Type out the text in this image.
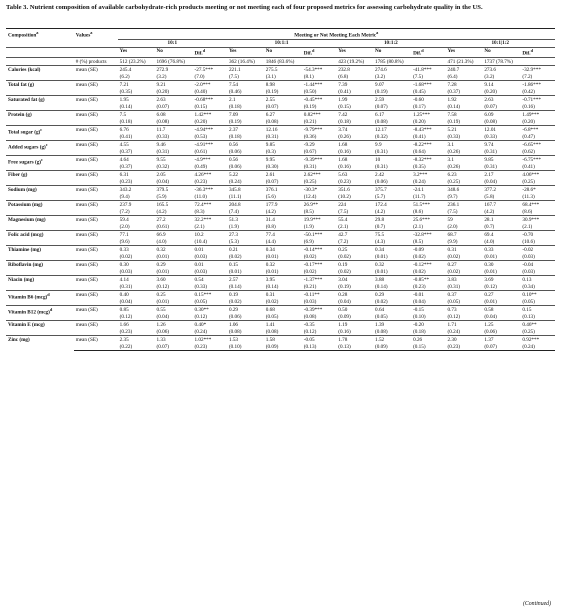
Table 3. Nutrient composition of available carbohydrate-rich products meeting or not meeting each of four proposed metrics for assessing carbohydrate quality in the US.
Composition$^a$	Values$^a$	Meeting or Not Meeting Each Metric$^a$
		10:1			10:1:1			10:1:2			10:1|1:2		
		Yes	No	Dif.$^d$	Yes	No	Dif.$^d$	Yes	No	Dif.$^d$	Yes	No	Dif.$^d$
	# (%) products	512 (23.2%)	1696 (76.8%)		362 (16.4%)	1846 (83.6%)		423 (19.2%)	1785 (80.8%)		471 (21.3%)	1737 (78.7%)	
Calories (kcal)	mean (SE)	245.4	272.9	-27.5***	221.1	275.5	-54.3***	232.8	274.6	-41.8***	240.7	273.6	-32.9***
		(6.2)	(3.2)	(7.0)	(7.5)	(3.1)	(8.1)	(6.8)	(3.2)	(7.5)	(6.4)	(3.2)	(7.2)
Total fat (g)	mean (SE)	7.21	9.21	-2.0***	7.54	8.98	-1.44***	7.39	9.07	-1.68***	7.28	9.14	-1.86***
		(0.35)	(0.20)	(0.40)	(0.46)	(0.19)	(0.50)	(0.41)	(0.19)	(0.45)	(0.37)	(0.20)	(0.42)
Saturated fat (g)	mean (SE)	1.95	2.63	-0.68***	2.1	2.55	-0.45***	1.99	2.59	-0.60	1.92	2.63	-0.71***
		(0.14)	(0.07)	(0.15)	(0.18)	(0.07)	(0.19)	(0.15)	(0.07)	(0.17)	(0.14)	(0.07)	(0.16)
Protein (g)	mean (SE)	7.5	6.08	1.42***	7.09	6.27	0.82***	7.42	6.17	1.25***	7.58	6.09	1.49***
		(0.18)	(0.08)	(0.20)	(0.19)	(0.08)	(0.21)	(0.18)	(0.08)	(0.20)	(0.19)	(0.08)	(0.20)
Total sugar $(g)^c$	mean (SE)	6.76	11.7	-4.94***	2.37	12.16	-9.79***	3.74	12.17	-8.43***	5.21	12.01	-6.8***
		(0.41)	(0.33)	(0.53)	(0.18)	(0.31)	(0.36)	(0.26)	(0.32)	(0.41)	(0.33)	(0.33)	(0.47)
Added sugars $(g)^c$	mean (SE)	4.55	9.46	-4.91***	0.56	9.85	-9.29	1.68	9.9	-8.22***	3.1	9.74	-6.65***
		(0.37)	(0.31)	(0.61)	(0.06)	(0.3)	(0.67)	(0.16)	(0.31)	(0.64)	(0.26)	(0.31)	(0.62)
Free sugars $(g)^c$	mean (SE)	4.64	9.55	-4.9***	0.56	9.95	-9.39***	1.68	10	-8.32***	3.1	9.85	-6.75***
		(0.37)	(0.32)	(0.49)	(0.06)	(0.30)	(0.31)	(0.16)	(0.31)	(0.35)	(0.26)	(0.31)	(0.41)
Fiber (g)	mean (SE)	6.31	2.05	4.26***	5.22	2.61	2.62***	5.63	2.42	3.2***	6.23	2.17	4.06***
		(0.23)	(0.04)	(0.23)	(0.24)	(0.07)	(0.25)	(0.23)	(0.06)	(0.24)	(0.25)	(0.04)	(0.25)
Sodium (mg)	mean (SE)	343.2	379.5	-36.3***	345.8	376.1	-30.3*	351.6	375.7	-24.1	348.6	377.2	-28.6*
		(9.4)	(5.9)	(11.0)	(11.1)	(5.6)	(12.4)	(10.2)	(5.7)	(11.7)	(9.7)	(5.8)	(11.3)
Potassium (mg)	mean (SE)	237.9	165.5	72.4***	204.8	177.9	26.9**	224	172.4	51.5***	236.1	167.7	68.4***
		(7.2)	(4.2)	(8.3)	(7.4)	(4.2)	(8.5)	(7.5)	(4.2)	(8.6)	(7.5)	(4.2)	(8.6)
Magnesium (mg)	mean (SE)	59.4	27.2	32.2***	51.3	31.4	19.9***	55.4	29.8	25.6***	59	28.1	30.9***
		(2.0)	(0.61)	(2.1)	(1.9)	(0.8)	(1.9)	(2.1)	(0.7)	(2.1)	(2.0)	(0.7)	(2.1)
Folic acid (mcg)	mean (SE)	77.1	66.9	10.2	27.3	77.4	-50.1***	42.7	75.5	-32.8***	68.7	69.4	-0.70
		(9.6)	(4.0)	(10.4)	(5.3)	(4.4)	(6.9)	(7.2)	(4.3)	(8.5)	(9.9)	(4.0)	(10.6)
Thiamine (mg)	mean (SE)	0.33	0.32	0.01	0.21	0.34	-0.14***	0.25	0.34	-0.09	0.31	0.33	-0.02
		(0.02)	(0.01)	(0.03)	(0.02)	(0.01)	(0.02)	(0.02)	(0.01)	(0.02)	(0.02)	(0.01)	(0.03)
Riboflavin (mg)	mean (SE)	0.30	0.29	0.01	0.15	0.32	-0.17***	0.19	0.32	-0.12***	0.27	0.30	-0.04
		(0.03)	(0.01)	(0.03)	(0.01)	(0.01)	(0.02)	(0.02)	(0.01)	(0.02)	(0.02)	(0.01)	(0.03)
Niacin (mg)	mean (SE)	4.14	3.60	0.54	2.57	3.95	-1.37***	3.04	3.88	-0.85**	3.83	3.69	0.13
		(0.31)	(0.12)	(0.33)	(0.14)	(0.14)	(0.21)	(0.19)	(0.14)	(0.23)	(0.31)	(0.12)	(0.34)
Vitamin B6 (mcg)$^d$	mean (SE)	0.40	0.25	0.15***	0.19	0.31	-0.11**	0.28	0.29	-0.01	0.37	0.27	0.10**
		(0.04)	(0.01)	(0.05)	(0.02)	(0.02)	(0.03)	(0.04)	(0.02)	(0.04)	(0.05)	(0.01)	(0.05)
Vitamin B12 (mcg)$^d$	mean (SE)	0.85	0.55	0.30**	0.29	0.68	-0.39***	0.50	0.64	-0.15	0.73	0.58	0.15
		(0.12)	(0.04)	(0.12)	(0.06)	(0.05)	(0.08)	(0.09)	(0.05)	(0.10)	(0.12)	(0.04)	(0.13)
Vitamin E (mcg)	mean (SE)	1.66	1.26	0.40*	1.06	1.41	-0.35	1.19	1.39	-0.20	1.71	1.25	0.46**
		(0.23)	(0.06)	(0.24)	(0.08)	(0.08)	(0.12)	(0.16)	(0.08)	(0.18)	(0.24)	(0.06)	(0.25)
Zinc (mg)	mean (SE)	2.35	1.33	1.02***	1.53	1.58	-0.05	1.78	1.52	0.26	2.30	1.37	0.92***
		(0.22)	(0.07)	(0.23)	(0.10)	(0.09)	(0.13)	(0.13)	(0.09)	(0.15)	(0.23)	(0.07)	(0.24)
(Continued)
